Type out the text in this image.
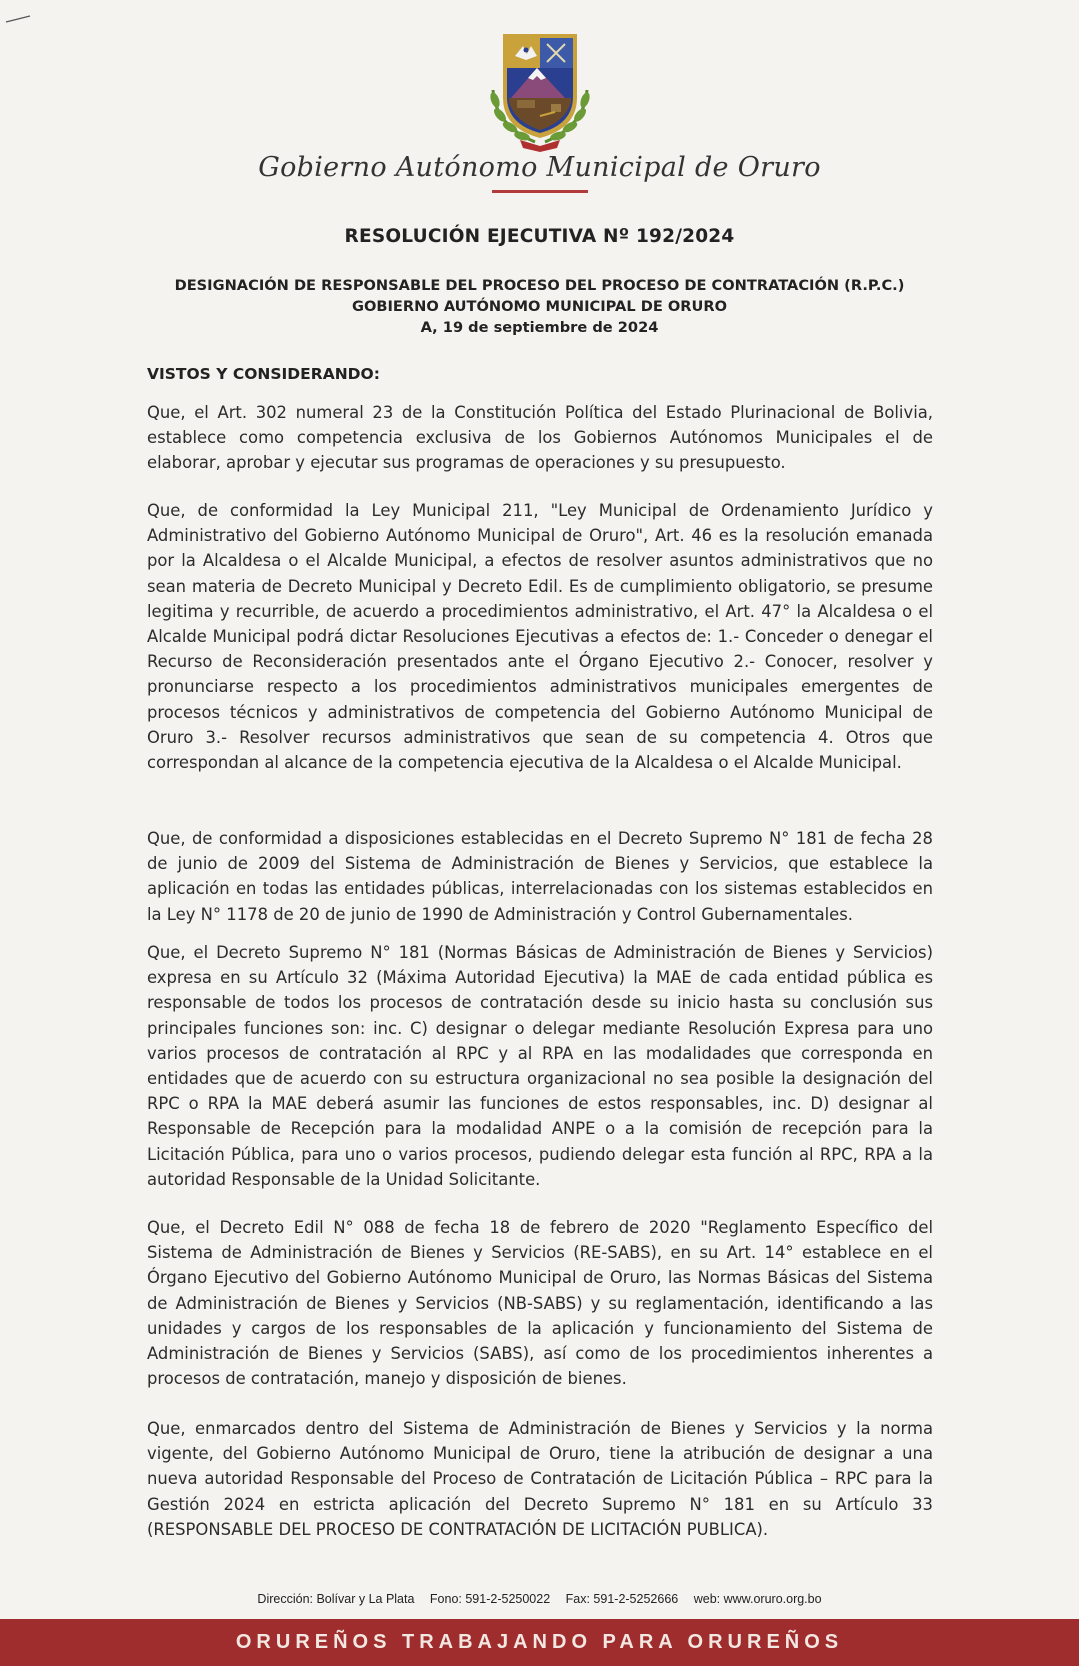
Gobierno Autónomo Municipal de Oruro
RESOLUCIÓN EJECUTIVA Nº 192/2024
DESIGNACIÓN DE RESPONSABLE DEL PROCESO DEL PROCESO DE CONTRATACIÓN (R.P.C.)
GOBIERNO AUTÓNOMO MUNICIPAL DE ORURO
A, 19 de septiembre de 2024
VISTOS Y CONSIDERANDO:
Que, el Art. 302 numeral 23 de la Constitución Política del Estado Plurinacional de Bolivia, establece como competencia exclusiva de los Gobiernos Autónomos Municipales el de elaborar, aprobar y ejecutar sus programas de operaciones y su presupuesto.
Que, de conformidad la Ley Municipal 211, "Ley Municipal de Ordenamiento Jurídico y Administrativo del Gobierno Autónomo Municipal de Oruro", Art. 46 es la resolución emanada por la Alcaldesa o el Alcalde Municipal, a efectos de resolver asuntos administrativos que no sean materia de Decreto Municipal y Decreto Edil. Es de cumplimiento obligatorio, se presume legitima y recurrible, de acuerdo a procedimientos administrativo, el Art. 47° la Alcaldesa o el Alcalde Municipal podrá dictar Resoluciones Ejecutivas a efectos de: 1.- Conceder o denegar el Recurso de Reconsideración presentados ante el Órgano Ejecutivo 2.- Conocer, resolver y pronunciarse respecto a los procedimientos administrativos municipales emergentes de procesos técnicos y administrativos de competencia del Gobierno Autónomo Municipal de Oruro 3.- Resolver recursos administrativos que sean de su competencia 4. Otros que correspondan al alcance de la competencia ejecutiva de la Alcaldesa o el Alcalde Municipal.
Que, de conformidad a disposiciones establecidas en el Decreto Supremo N° 181 de fecha 28 de junio de 2009 del Sistema de Administración de Bienes y Servicios, que establece la aplicación en todas las entidades públicas, interrelacionadas con los sistemas establecidos en la Ley N° 1178 de 20 de junio de 1990 de Administración y Control Gubernamentales.
Que, el Decreto Supremo N° 181 (Normas Básicas de Administración de Bienes y Servicios) expresa en su Artículo 32 (Máxima Autoridad Ejecutiva) la MAE de cada entidad pública es responsable de todos los procesos de contratación desde su inicio hasta su conclusión sus principales funciones son: inc. C) designar o delegar mediante Resolución Expresa para uno varios procesos de contratación al RPC y al RPA en las modalidades que corresponda en entidades que de acuerdo con su estructura organizacional no sea posible la designación del RPC o RPA la MAE deberá asumir las funciones de estos responsables, inc. D) designar al Responsable de Recepción para la modalidad ANPE o a la comisión de recepción para la Licitación Pública, para uno o varios procesos, pudiendo delegar esta función al RPC, RPA a la autoridad Responsable de la Unidad Solicitante.
Que, el Decreto Edil N° 088 de fecha 18 de febrero de 2020 "Reglamento Específico del Sistema de Administración de Bienes y Servicios (RE-SABS), en su Art. 14° establece en el Órgano Ejecutivo del Gobierno Autónomo Municipal de Oruro, las Normas Básicas del Sistema de Administración de Bienes y Servicios (NB-SABS) y su reglamentación, identificando a las unidades y cargos de los responsables de la aplicación y funcionamiento del Sistema de Administración de Bienes y Servicios (SABS), así como de los procedimientos inherentes a procesos de contratación, manejo y disposición de bienes.
Que, enmarcados dentro del Sistema de Administración de Bienes y Servicios y la norma vigente, del Gobierno Autónomo Municipal de Oruro, tiene la atribución de designar a una nueva autoridad Responsable del Proceso de Contratación de Licitación Pública – RPC para la Gestión 2024 en estricta aplicación del Decreto Supremo N° 181 en su Artículo 33 (RESPONSABLE DEL PROCESO DE CONTRATACIÓN DE LICITACIÓN PUBLICA).
Dirección: Bolívar y La Plata Fono: 591-2-5250022 Fax: 591-2-5252666 web: www.oruro.org.bo
ORUREÑOS TRABAJANDO PARA ORUREÑOS
